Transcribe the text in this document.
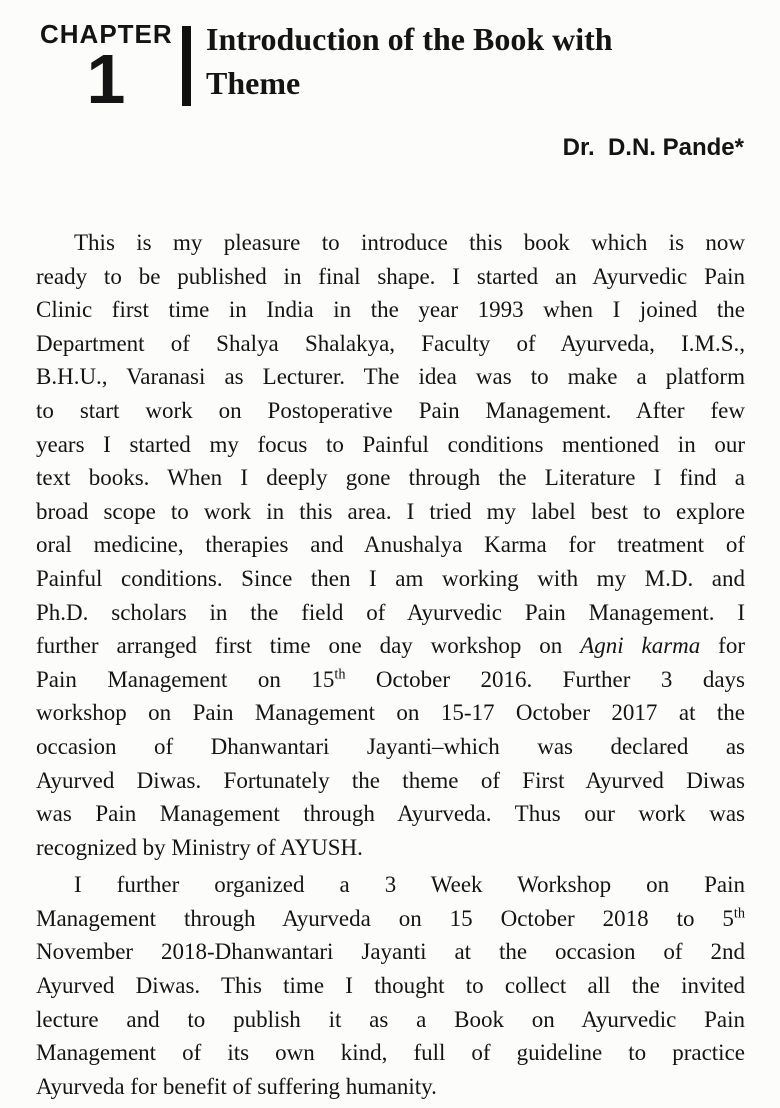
CHAPTER
1
Introduction of the Book with
Theme
Dr.  D.N. Pande*
This is my pleasure to introduce this book which is now
ready to be published in final shape. I started an Ayurvedic Pain
Clinic first time in India in the year 1993 when I joined the
Department of Shalya Shalakya, Faculty of Ayurveda, I.M.S.,
B.H.U., Varanasi as Lecturer. The idea was to make a platform
to start work on Postoperative Pain Management. After few
years I started my focus to Painful conditions mentioned in our
text books. When I deeply gone through the Literature I find a
broad scope to work in this area. I tried my label best to explore
oral medicine, therapies and Anushalya Karma for treatment of
Painful conditions. Since then I am working with my M.D. and
Ph.D. scholars in the field of Ayurvedic Pain Management. I
further arranged first time one day workshop on Agni karma for
Pain Management on 15th October 2016. Further 3 days
workshop on Pain Management on 15-17 October 2017 at the
occasion of Dhanwantari Jayanti–which was declared as
Ayurved Diwas. Fortunately the theme of First Ayurved Diwas
was Pain Management through Ayurveda. Thus our work was
recognized by Ministry of AYUSH.
I further organized a 3 Week Workshop on Pain
Management through Ayurveda on 15 October 2018 to 5th
November 2018-Dhanwantari Jayanti at the occasion of 2nd
Ayurved Diwas. This time I thought to collect all the invited
lecture and to publish it as a Book on Ayurvedic Pain
Management of its own kind, full of guideline to practice
Ayurveda for benefit of suffering humanity.
